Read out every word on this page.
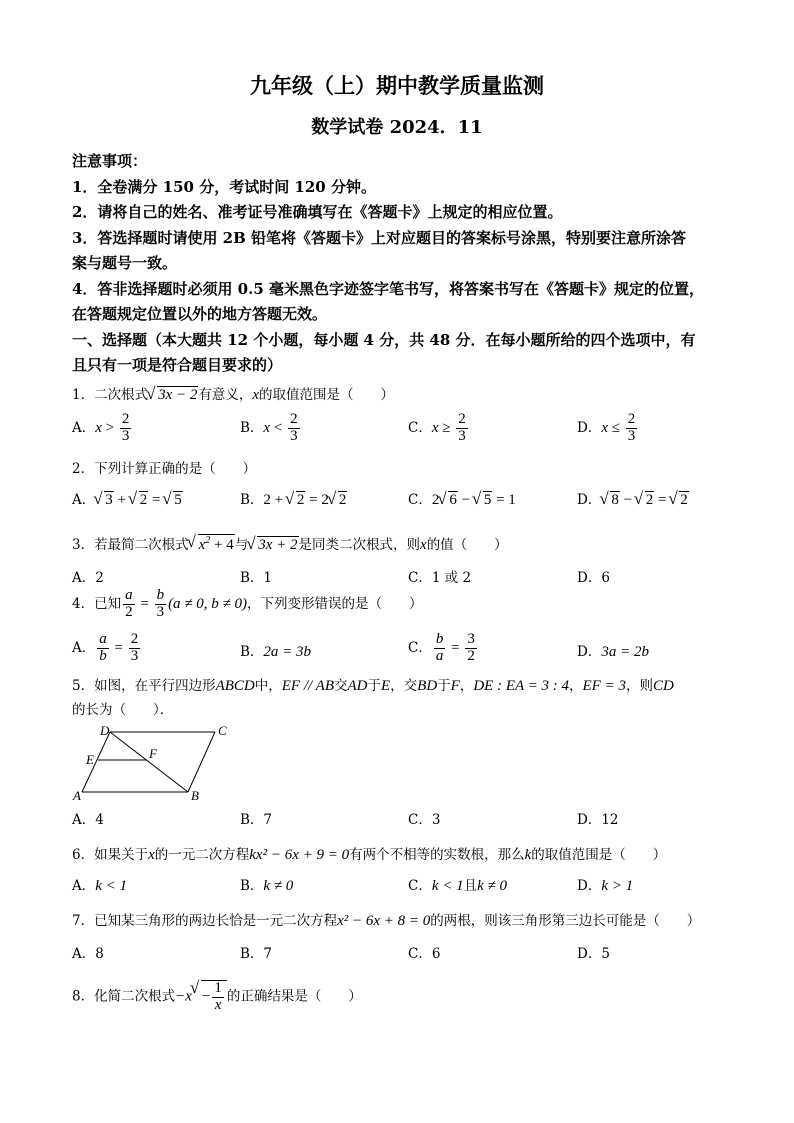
九年级（上）期中教学质量监测
数学试卷 2024．11
注意事项：
1．全卷满分 150 分，考试时间 120 分钟。
2．请将自己的姓名、准考证号准确填写在《答题卡》上规定的相应位置。
3．答选择题时请使用 2B 铅笔将《答题卡》上对应题目的答案标号涂黑，特别要注意所涂答
案与题号一致。
4．答非选择题时必须用 0.5 毫米黑色字迹签字笔书写，将答案书写在《答题卡》规定的位置，
在答题规定位置以外的地方答题无效。
一、选择题（本大题共 12 个小题，每小题 4 分，共 48 分．在每小题所给的四个选项中，有
且只有一项是符合题目要求的）
1．二次根式√ 3x − 2有意义，x的取值范围是（　　）
A．$x > \frac{2}{3}$	B．$x < \frac{2}{3}$	C．$x \ge \frac{2}{3}$	D．$x \le \frac{2}{3}$
2．下列计算正确的是（　　）
A．√ 3 + √ 2 = √ 5	B．2 + √ 2 = 2√ 2	C．2√ 6 − √ 5 = 1	D．√ 8 − √ 2 = √ 2
3．若最简二次根式√ $x^2 + 4$与√ 3x + 2是同类二次根式，则x的值（　　）
A．2	B．1	C．1 或 2	D．6
4．已知 $\frac{a}{2} = \frac{b}{3} (a \ne 0$, b ≠ 0)，下列变形错误的是（　　）
A． $\frac{a}{b} = \frac{2}{3}$	B．2a = 3b	C． $\frac{b}{a} = \frac{3}{2}$	D．3a = 2b
5．如图，在平行四边形ABCD中，EF // AB交AD于E，交BD于F，DE : EA = 3 : 4，EF = 3，则CD
的长为（　　）．
D	C
E	F
A	B
A．4	B．7	C．3	D．12
6．如果关于x的一元二次方程kx² − 6x + 9 = 0有两个不相等的实数根，那么k的取值范围是（　　）
A．k < 1	B．k ≠ 0	C．k < 1且k ≠ 0	D．k > 1
7．已知某三角形的两边长恰是一元二次方程x² − 6x + 8 = 0的两根，则该三角形第三边长可能是（　　）
A．8	B．7	C．6	D．5
8．化简二次根式$-x√ - \frac{1}{x}$ 的正确结果是（　　）
